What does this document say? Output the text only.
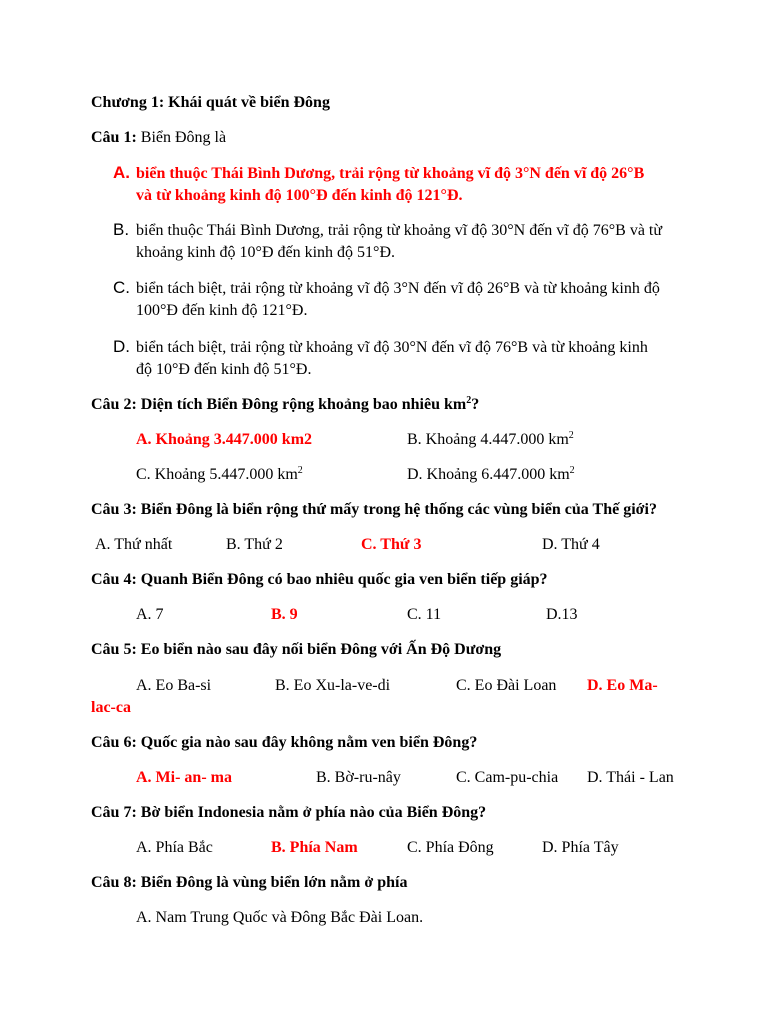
Chương 1: Khái quát về biển Đông
Câu 1: Biển Đông là
A. biển thuộc Thái Bình Dương, trải rộng từ khoảng vĩ độ 3°N đến vĩ độ 26°B
và từ khoảng kinh độ 100°Đ đến kinh độ 121°Đ.
B. biển thuộc Thái Bình Dương, trải rộng từ khoảng vĩ độ 30°N đến vĩ độ 76°B và từ
khoảng kinh độ 10°Đ đến kinh độ 51°Đ.
C. biển tách biệt, trải rộng từ khoảng vĩ độ 3°N đến vĩ độ 26°B và từ khoảng kinh độ
100°Đ đến kinh độ 121°Đ.
D. biển tách biệt, trải rộng từ khoảng vĩ độ 30°N đến vĩ độ 76°B và từ khoảng kinh
độ 10°Đ đến kinh độ 51°Đ.
Câu 2: Diện tích Biển Đông rộng khoảng bao nhiêu $km^2$?
A. Khoảng 3.447.000 km2	B. Khoảng 4.447.000 $km^2$
C. Khoảng 5.447.000 $km^2$	D. Khoảng 6.447.000 $km^2$
Câu 3: Biển Đông là biển rộng thứ mấy trong hệ thống các vùng biển của Thế giới?
A. Thứ nhất	B. Thứ 2	C. Thứ 3	D. Thứ 4
Câu 4: Quanh Biển Đông có bao nhiêu quốc gia ven biển tiếp giáp?
A. 7	B. 9	C. 11	D.13
Câu 5: Eo biển nào sau đây nối biển Đông với Ấn Độ Dương
A. Eo Ba-si	B. Eo Xu-la-ve-di	C. Eo Đài Loan D. Eo Ma-
lac-ca
Câu 6: Quốc gia nào sau đây không nằm ven biển Đông?
A. Mi- an- ma	B. Bờ-ru-nây	C. Cam-pu-chia D. Thái - Lan
Câu 7: Bờ biển Indonesia nằm ở phía nào của Biển Đông?
A. Phía Bắc	B. Phía Nam	C. Phía Đông	D. Phía Tây
Câu 8: Biển Đông là vùng biển lớn nằm ở phía
A. Nam Trung Quốc và Đông Bắc Đài Loan.
